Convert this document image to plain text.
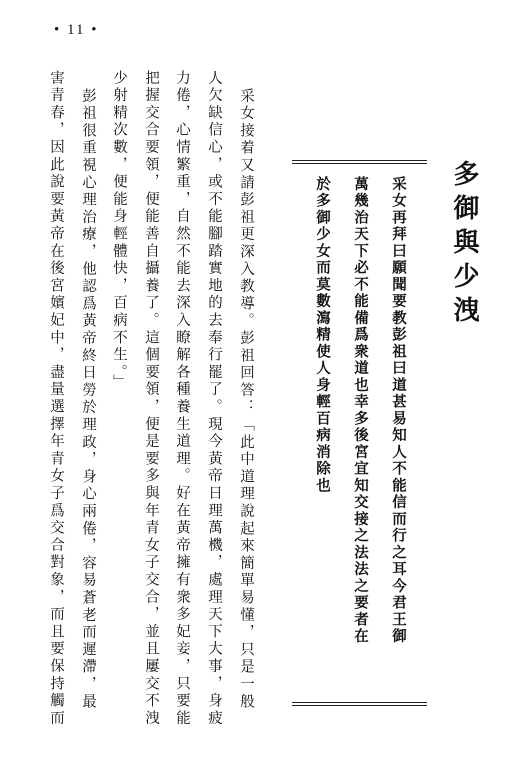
• 11 •
多御與少洩
采女再拜曰願聞要教彭祖曰道甚易知人不能信而行之耳今君王御
萬幾治天下必不能備爲衆道也幸多後宮宜知交接之法法之要者在
於多御少女而莫數瀉精使人身輕百病消除也
采女接着又請彭祖更深入教導。彭祖回答：「此中道理說起來簡單易懂，只是一般
人欠缺信心，或不能腳踏實地的去奉行罷了。現今黃帝日理萬機，處理天下大事，身疲
力倦，心情繁重，自然不能去深入瞭解各種養生道理。好在黃帝擁有衆多妃妾，只要能
把握交合要領，便能善自攝養了。這個要領，便是要多與年青女子交合，並且屢交不洩
少射精次數，便能身輕體快，百病不生。」
彭祖很重視心理治療，他認爲黃帝終日勞於理政，身心兩倦，容易蒼老而遲滯，最
害青春，因此說要黃帝在後宮嬪妃中，盡量選擇年青女子爲交合對象，而且要保持觸而
